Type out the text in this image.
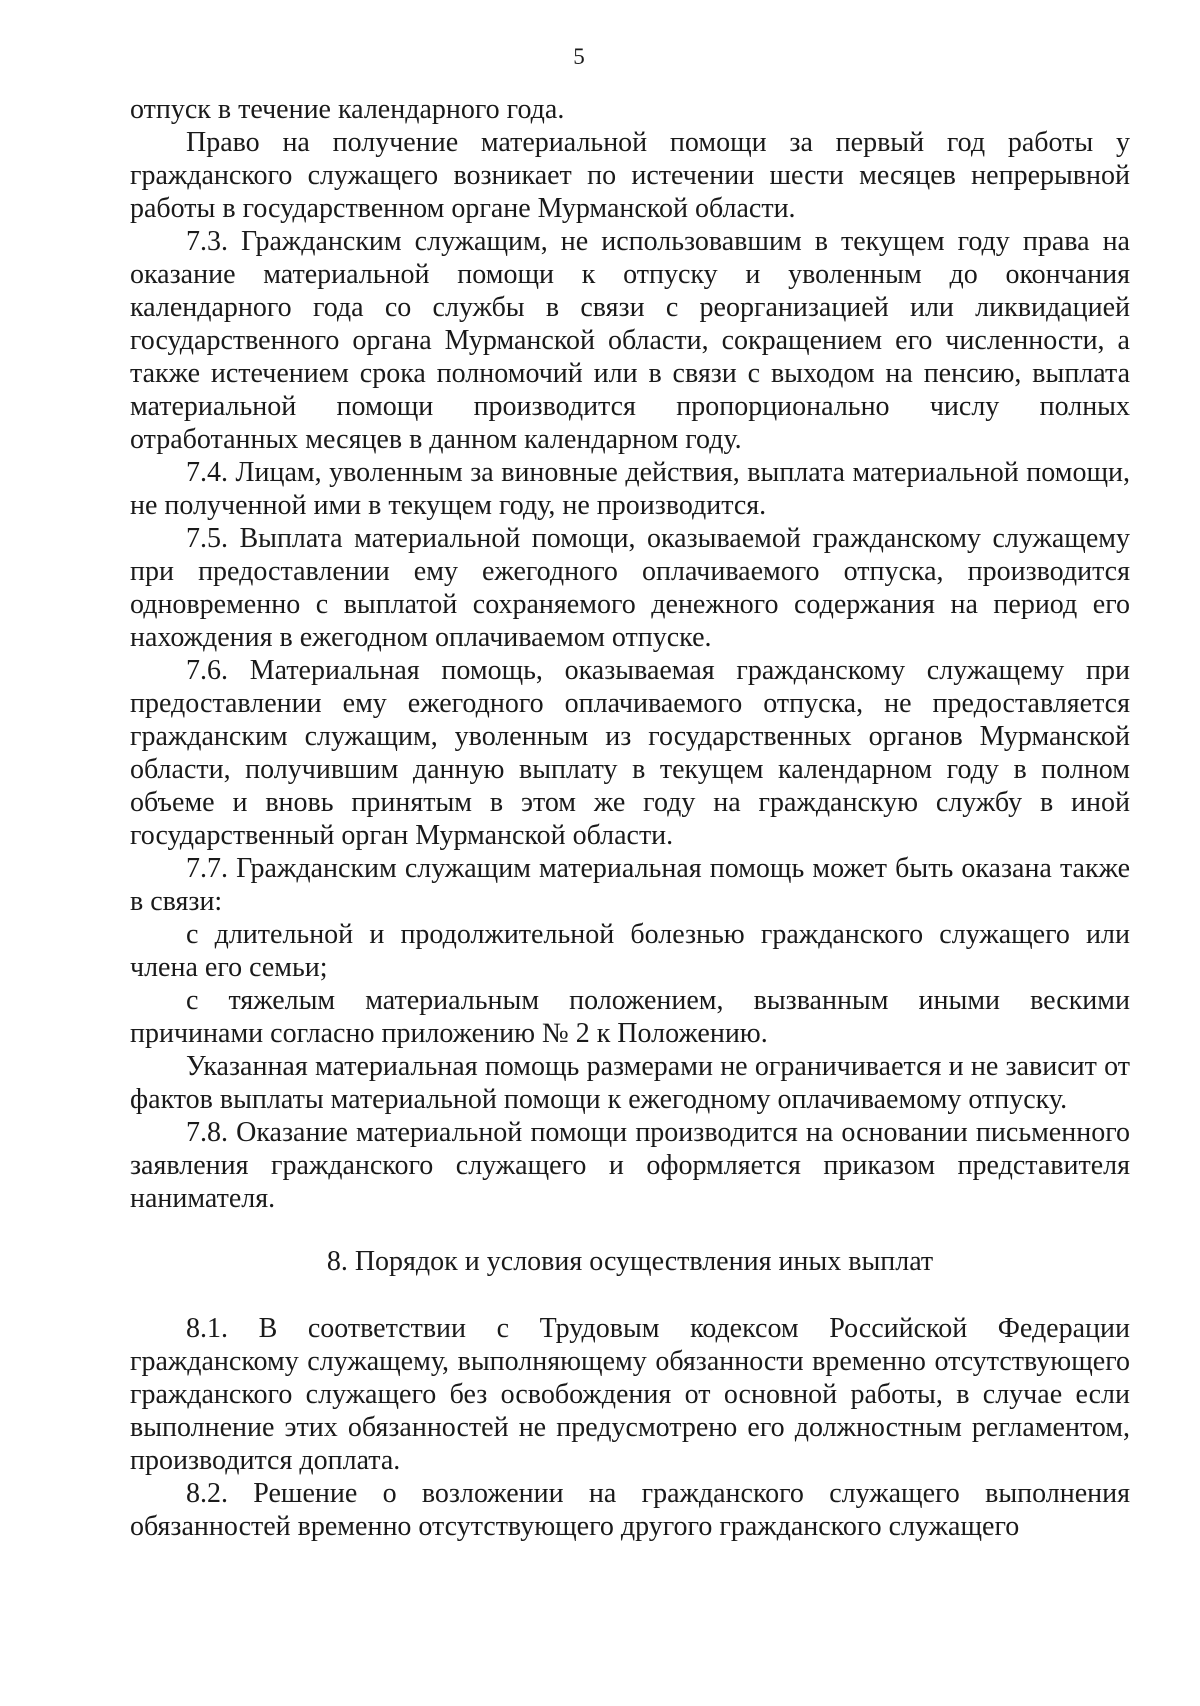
5

отпуск в течение календарного года.

Право на получение материальной помощи за первый год работы у гражданского служащего возникает по истечении шести месяцев непрерывной работы в государственном органе Мурманской области.

7.3. Гражданским служащим, не использовавшим в текущем году права на оказание материальной помощи к отпуску и уволенным до окончания календарного года со службы в связи с реорганизацией или ликвидацией государственного органа Мурманской области, сокращением его численности, а также истечением срока полномочий или в связи с выходом на пенсию, выплата материальной помощи производится пропорционально числу полных отработанных месяцев в данном календарном году.

7.4. Лицам, уволенным за виновные действия, выплата материальной помощи, не полученной ими в текущем году, не производится.

7.5. Выплата материальной помощи, оказываемой гражданскому служащему при предоставлении ему ежегодного оплачиваемого отпуска, производится одновременно с выплатой сохраняемого денежного содержания на период его нахождения в ежегодном оплачиваемом отпуске.

7.6. Материальная помощь, оказываемая гражданскому служащему при предоставлении ему ежегодного оплачиваемого отпуска, не предоставляется гражданским служащим, уволенным из государственных органов Мурманской области, получившим данную выплату в текущем календарном году в полном объеме и вновь принятым в этом же году на гражданскую службу в иной государственный орган Мурманской области.

7.7. Гражданским служащим материальная помощь может быть оказана также в связи:

с длительной и продолжительной болезнью гражданского служащего или члена его семьи;

с тяжелым материальным положением, вызванным иными вескими причинами согласно приложению № 2 к Положению.

Указанная материальная помощь размерами не ограничивается и не зависит от фактов выплаты материальной помощи к ежегодному оплачиваемому отпуску.

7.8. Оказание материальной помощи производится на основании письменного заявления гражданского служащего и оформляется приказом представителя нанимателя.

8. Порядок и условия осуществления иных выплат

8.1. В соответствии с Трудовым кодексом Российской Федерации гражданскому служащему, выполняющему обязанности временно отсутствующего гражданского служащего без освобождения от основной работы, в случае если выполнение этих обязанностей не предусмотрено его должностным регламентом, производится доплата.

8.2. Решение о возложении на гражданского служащего выполнения обязанностей временно отсутствующего другого гражданского служащего
